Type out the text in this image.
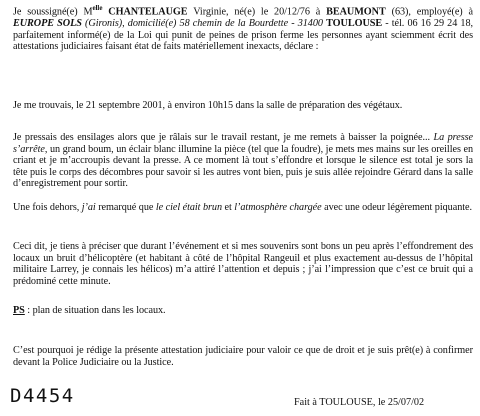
Je soussigné(e) $M^{elle}$ CHANTELAUGE Virginie, né(e) le 20/12/76 à BEAUMONT (63), employé(e) à EUROPE SOLS (Gironis), domicilié(e) 58 chemin de la Bourdette - 31400 TOULOUSE - tél. 06 16 29 24 18, parfaitement informé(e) de la Loi qui punit de peines de prison ferme les personnes ayant sciemment écrit des attestations judiciaires faisant état de faits matériellement inexacts, déclare :
Je me trouvais, le 21 septembre 2001, à environ 10h15 dans la salle de préparation des végétaux.
Je pressais des ensilages alors que je râlais sur le travail restant, je me remets à baisser la poignée... La presse s’arrête, un grand boum, un éclair blanc illumine la pièce (tel que la foudre), je mets mes mains sur les oreilles en criant et je m’accroupis devant la presse. A ce moment là tout s’effondre et lorsque le silence est total je sors la tête puis le corps des décombres pour savoir si les autres vont bien, puis je suis allée rejoindre Gérard dans la salle d’enregistrement pour sortir.
Une fois dehors, j’ai remarqué que le ciel était brun et l’atmosphère chargée avec une odeur légèrement piquante.
Ceci dit, je tiens à préciser que durant l’événement et si mes souvenirs sont bons un peu après l’effondrement des locaux un bruit d’hélicoptère (et habitant à côté de l’hôpital Rangeuil et plus exactement au-dessus de l’hôpital militaire Larrey, je connais les hélicos) m’a attiré l’attention et depuis ; j’ai l’impression que c’est ce bruit qui a prédominé cette minute.
PS : plan de situation dans les locaux.
C’est pourquoi je rédige la présente attestation judiciaire pour valoir ce que de droit et je suis prêt(e) à confirmer devant la Police Judiciaire ou la Justice.
D4454	Fait à TOULOUSE, le 25/07/02
